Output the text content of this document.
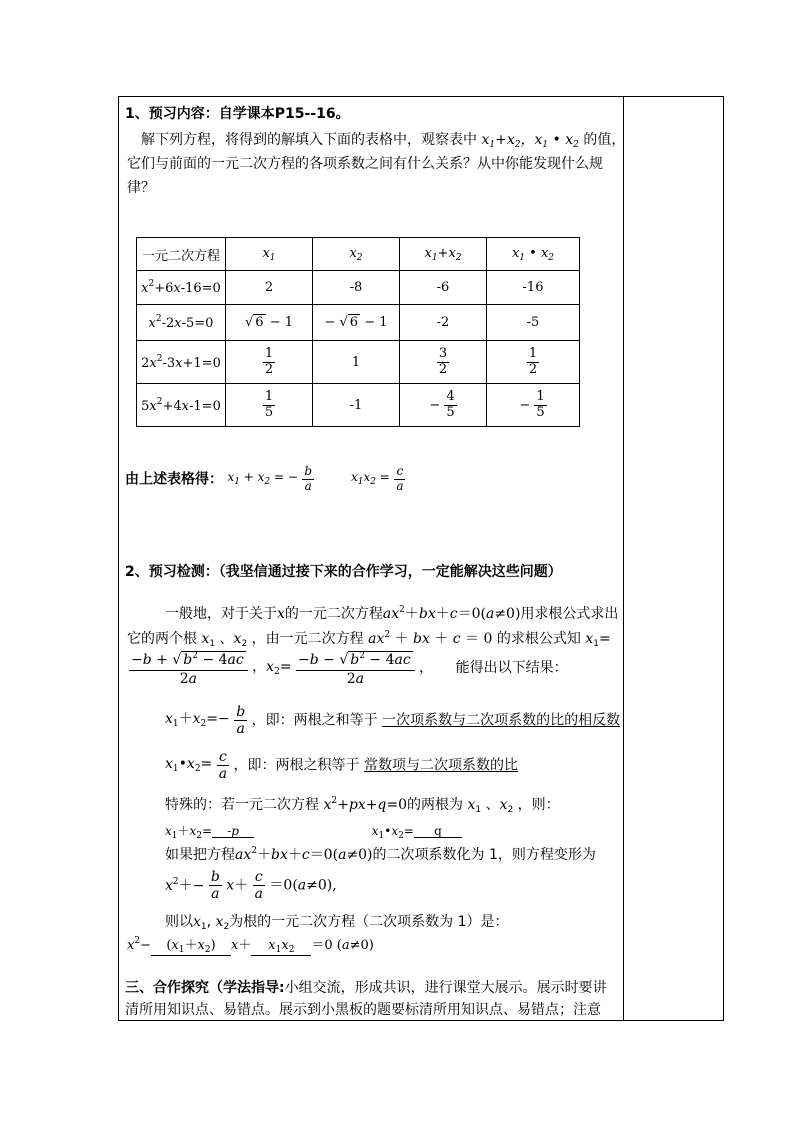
1、预习内容：自学课本P15--16。
解下列方程，将得到的解填入下面的表格中，观察表中 $x_1+x_2$，$x_1$ • $x_2$ 的值，
它们与前面的一元二次方程的各项系数之间有什么关系？从中你能发现什么规
律？
一元二次方程	$x_1$	$x_2$	$x_1+x_2$	$x_1$ • $x_2$
$x^2+6x-16=0$	2	-8	-6	-16
$x^2-2x-5=0$	√ 6 − 1	− √ 6 − 1	-2	-5
$2x^2-3x+1=0$	$\frac{1}{2}$	1	$\frac{3}{2}$	$\frac{1}{2}$

$5x^2+4x-1=0$	$\frac{1}{5}$	-1	− $\frac{4}{5}$	− $\frac{1}{5}$
由上述表格得： $x_1 + x_2$ = − $\frac{b}{a}$	$x_1x_2 = \frac{c}{a}$
2、预习检测：（我坚信通过接下来的合作学习，一定能解决这些问题）
一般地，对于关于x的一元二次方程$ax^2+bx+c=0(a\ne 0)$用求根公式求出
它的两个根 $x_1$ 、$x_2$ ，由一元二次方程 $ax^2$ ＋ bx ＋ c ＝ 0 的求根公式知 $x_1=$
$\frac{-b + √ b^2 - 4ac}{2a}$ ，$x_2= \frac{-b - √ b^2 - 4ac}{2a}$ ， 能得出以下结果：
$x_1+x_2=- \frac{b}{a}$ ，即：两根之和等于 一次项系数与二次项系数的比的相反数
$x_1•x_2= \frac{c}{a}$ ，即：两根之积等于 常数项与二次项系数的比
特殊的：若一元二次方程 $x^2+px+q=0$的两根为 $x_1$ 、$x_2$ ，则：
$x_1+x_2= -p$	$x_1•x_2= q$
如果把方程$ax^2+bx+c=0(a\ne 0)$的二次项系数化为 1，则方程变形为
$x^2+- \frac{b}{a} x+ \frac{c}{a} =0(a\ne 0)$,
则以$x_1$, $x_2$为根的一元二次方程（二次项系数为 1）是：
$x^2- (x_1+x_2)$ $x+ x_1x_2 =0$ (a≠0)
三、合作探究（学法指导:小组交流，形成共识，进行课堂大展示。展示时要讲
清所用知识点、易错点。展示到小黑板的题要标清所用知识点、易错点；注意
